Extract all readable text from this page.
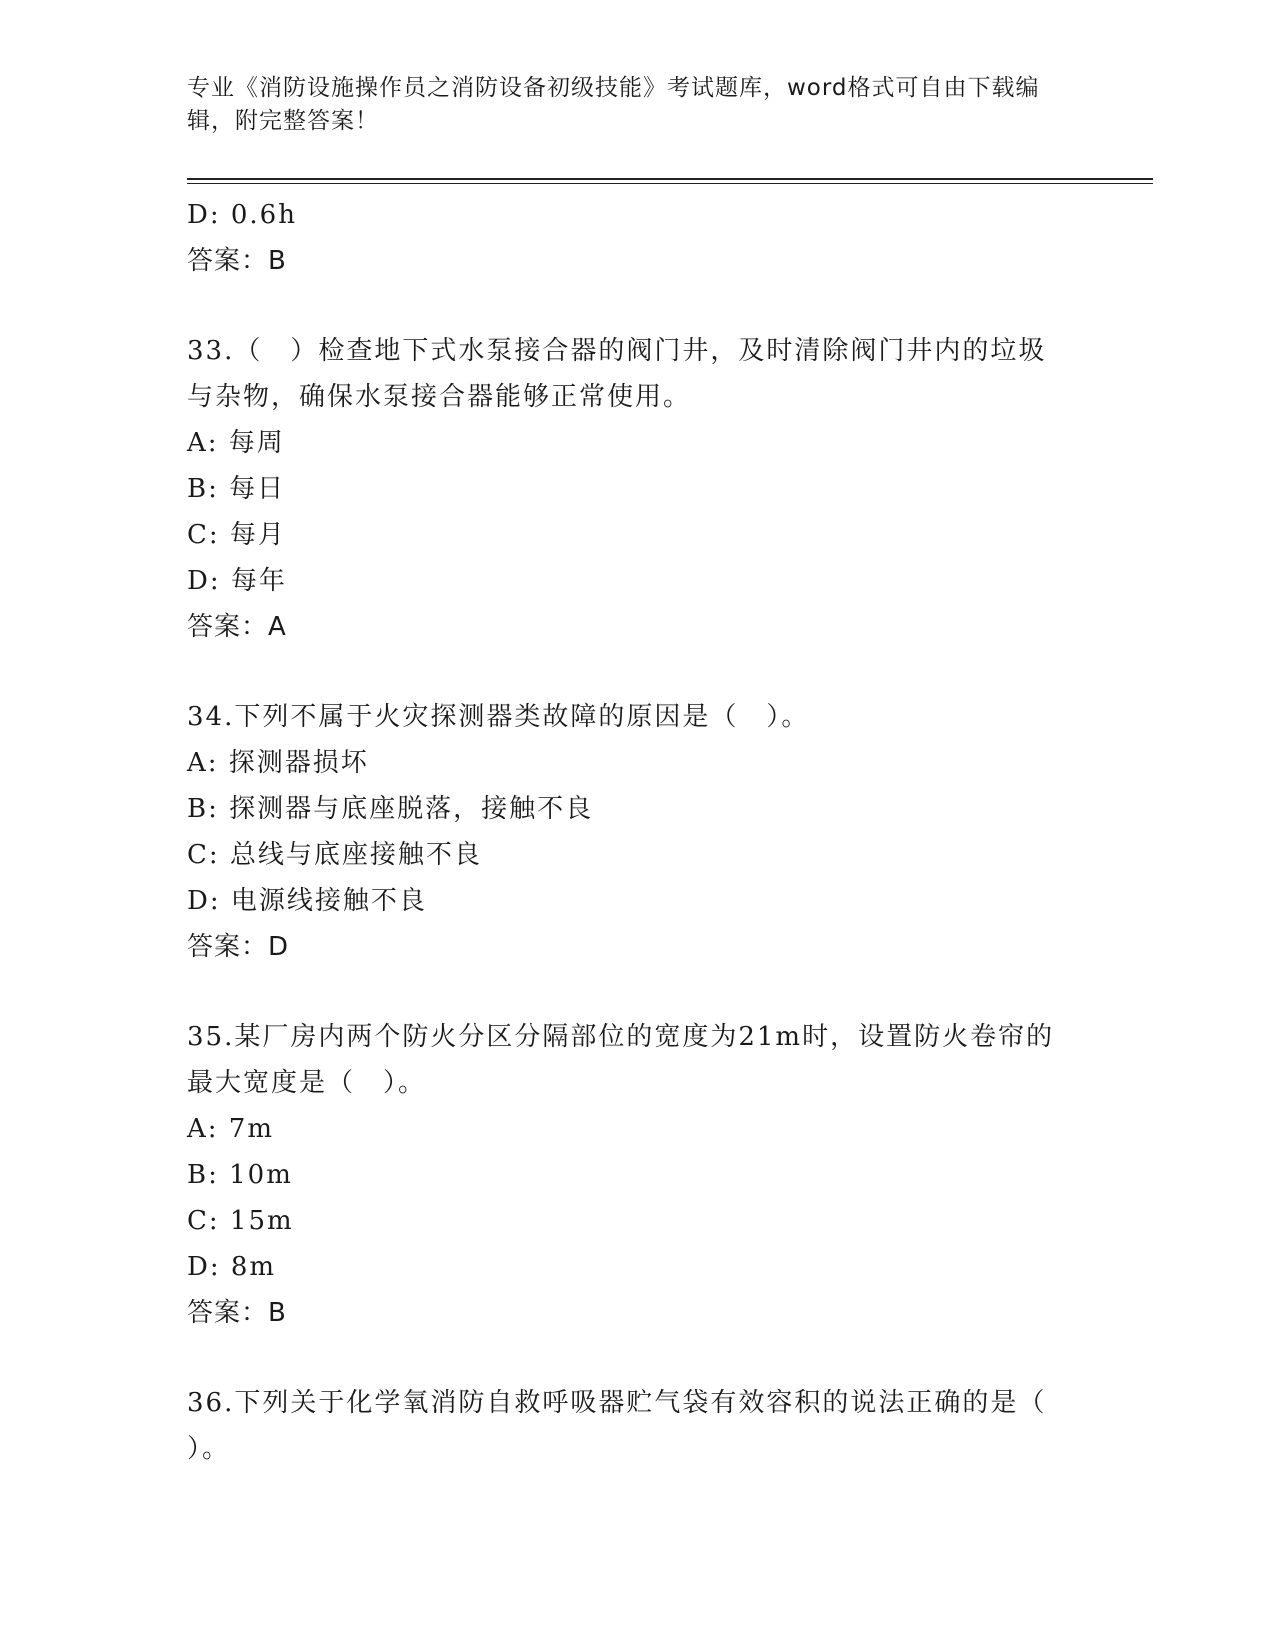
专业《消防设施操作员之消防设备初级技能》考试题库，word格式可自由下载编
辑，附完整答案！
D: 0.6h
答案：B
33.（　）检查地下式水泵接合器的阀门井，及时清除阀门井内的垃圾
与杂物，确保水泵接合器能够正常使用。
A: 每周
B: 每日
C: 每月
D: 每年
答案：A
34.下列不属于火灾探测器类故障的原因是（　）。
A: 探测器损坏
B: 探测器与底座脱落，接触不良
C: 总线与底座接触不良
D: 电源线接触不良
答案：D
35.某厂房内两个防火分区分隔部位的宽度为21m时，设置防火卷帘的
最大宽度是（　）。
A: 7m
B: 10m
C: 15m
D: 8m
答案：B
36.下列关于化学氧消防自救呼吸器贮气袋有效容积的说法正确的是（
）。
